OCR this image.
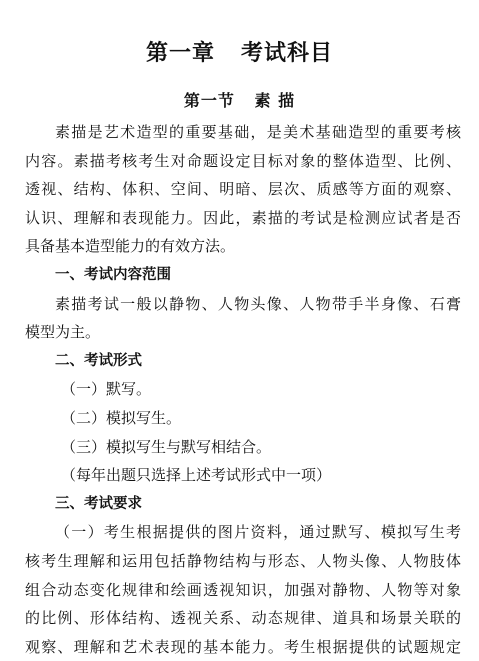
第一章   考试科目
第一节   素 描
素描是艺术造型的重要基础，是美术基础造型的重要考核
内容。素描考核考生对命题设定目标对象的整体造型、比例、
透视、结构、体积、空间、明暗、层次、质感等方面的观察、
认识、理解和表现能力。因此，素描的考试是检测应试者是否
具备基本造型能力的有效方法。
一、考试内容范围
素描考试一般以静物、人物头像、人物带手半身像、石膏
模型为主。
二、考试形式
（一）默写。
（二）模拟写生。
（三）模拟写生与默写相结合。
（每年出题只选择上述考试形式中一项）
三、考试要求
（一）考生根据提供的图片资料，通过默写、模拟写生考
核考生理解和运用包括静物结构与形态、人物头像、人物肢体
组合动态变化规律和绘画透视知识，加强对静物、人物等对象
的比例、形体结构、透视关系、动态规律、道具和场景关联的
观察、理解和艺术表现的基本能力。考生根据提供的试题规定
